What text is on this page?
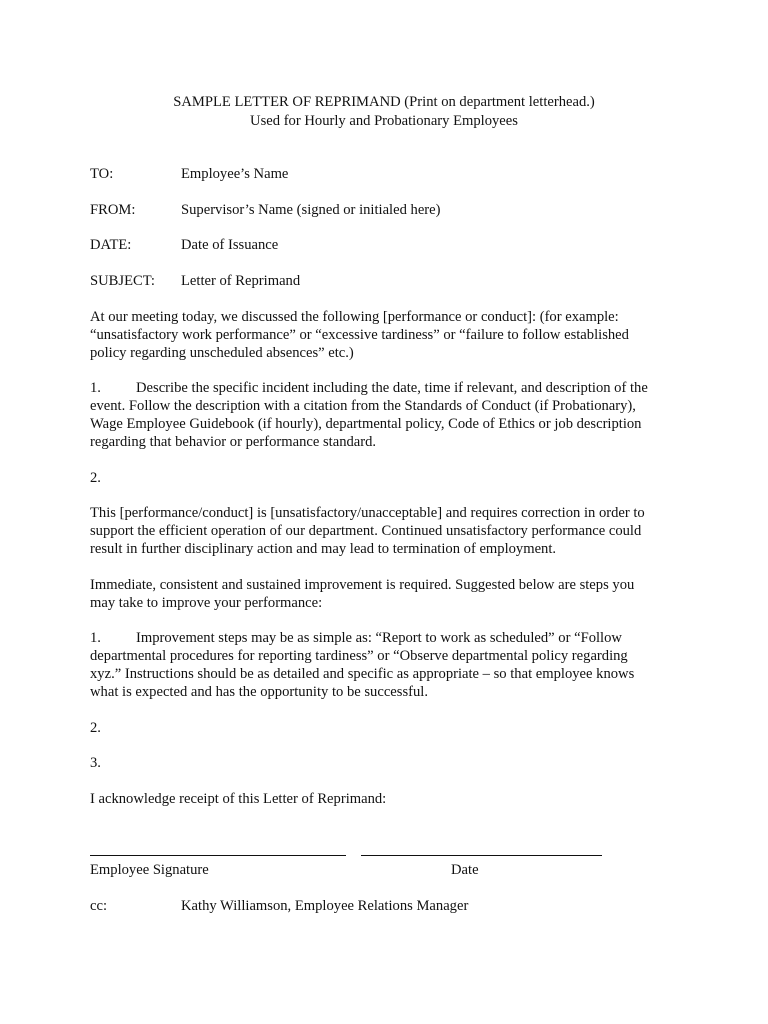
SAMPLE LETTER OF REPRIMAND (Print on department letterhead.)
Used for Hourly and Probationary Employees
TO:	Employee’s Name
FROM:	Supervisor’s Name (signed or initialed here)
DATE:	Date of Issuance
SUBJECT: Letter of Reprimand
At our meeting today, we discussed the following [performance or conduct]: (for example:
“unsatisfactory work performance” or “excessive tardiness” or “failure to follow established
policy regarding unscheduled absences” etc.)
1. Describe the specific incident including the date, time if relevant, and description of the
event. Follow the description with a citation from the Standards of Conduct (if Probationary),
Wage Employee Guidebook (if hourly), departmental policy, Code of Ethics or job description
regarding that behavior or performance standard.
2.
This [performance/conduct] is [unsatisfactory/unacceptable] and requires correction in order to
support the efficient operation of our department. Continued unsatisfactory performance could
result in further disciplinary action and may lead to termination of employment.
Immediate, consistent and sustained improvement is required. Suggested below are steps you
may take to improve your performance:
1. Improvement steps may be as simple as: “Report to work as scheduled” or “Follow
departmental procedures for reporting tardiness” or “Observe departmental policy regarding
xyz.” Instructions should be as detailed and specific as appropriate – so that employee knows
what is expected and has the opportunity to be successful.
2.
3.
I acknowledge receipt of this Letter of Reprimand:
Employee Signature	Date
cc:	Kathy Williamson, Employee Relations Manager
